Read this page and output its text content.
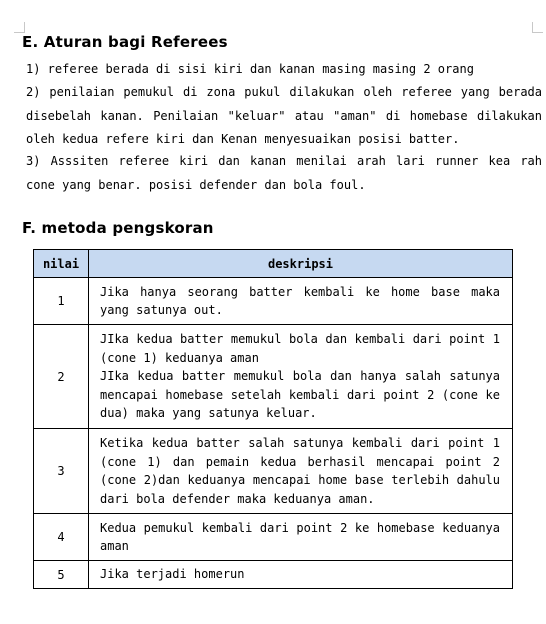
E. Aturan bagi Referees
1) referee berada di sisi kiri dan kanan masing masing 2 orang
2) penilaian pemukul di zona pukul dilakukan oleh referee yang berada disebelah kanan. Penilaian "keluar" atau "aman" di homebase dilakukan oleh kedua refere kiri dan Kenan menyesuaikan posisi batter.
3) Asssiten referee kiri dan kanan menilai arah lari runner kea rah cone yang benar. posisi defender dan bola foul.
F. metoda pengskoran
nilai	deskripsi
1	Jika hanya seorang batter kembali ke home base maka yang satunya out.

2	JIka kedua batter memukul bola dan kembali dari point 1 (cone 1) keduanya aman
JIka kedua batter memukul bola dan hanya salah satunya mencapai homebase setelah kembali dari point 2 (cone ke dua) maka yang satunya keluar.

3	Ketika kedua batter salah satunya kembali dari point 1 (cone 1) dan pemain kedua berhasil mencapai point 2 (cone 2)dan keduanya mencapai home base terlebih dahulu dari bola defender maka keduanya aman.

4	Kedua pemukul kembali dari point 2 ke homebase keduanya aman

5	Jika terjadi homerun
